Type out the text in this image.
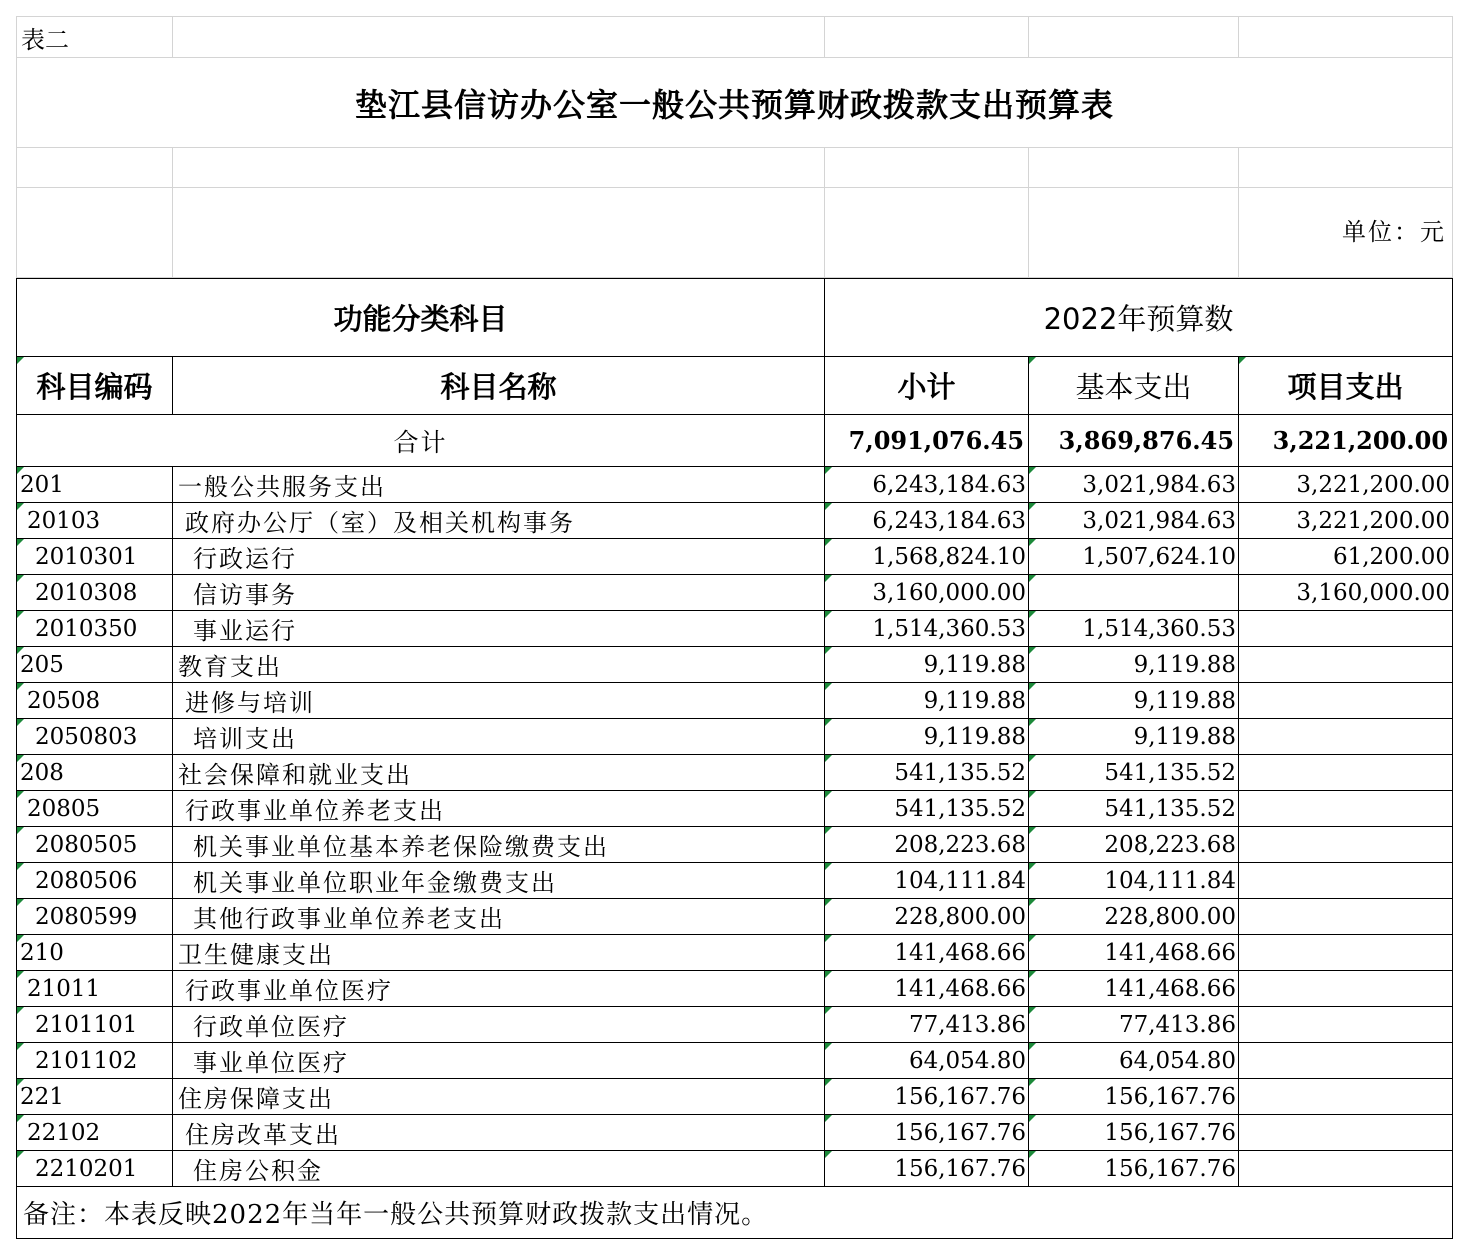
表二				
垫江县信访办公室一般公共预算财政拨款支出预算表				

				单位：元
功能分类科目		2022年预算数		
科目编码	科目名称	小计	基本支出	项目支出
合计		7,091,076.45	3,869,876.45	3,221,200.00
201	一般公共服务支出	6,243,184.63	3,021,984.63	3,221,200.00
20103	政府办公厅（室）及相关机构事务	6,243,184.63	3,021,984.63	3,221,200.00
2010301	行政运行	1,568,824.10	1,507,624.10	61,200.00
2010308	信访事务	3,160,000.00		3,160,000.00
2010350	事业运行	1,514,360.53	1,514,360.53	
205	教育支出	9,119.88	9,119.88	
20508	进修与培训	9,119.88	9,119.88	
2050803	培训支出	9,119.88	9,119.88	
208	社会保障和就业支出	541,135.52	541,135.52	
20805	行政事业单位养老支出	541,135.52	541,135.52	
2080505	机关事业单位基本养老保险缴费支出	208,223.68	208,223.68	
2080506	机关事业单位职业年金缴费支出	104,111.84	104,111.84	
2080599	其他行政事业单位养老支出	228,800.00	228,800.00	
210	卫生健康支出	141,468.66	141,468.66	
21011	行政事业单位医疗	141,468.66	141,468.66	
2101101	行政单位医疗	77,413.86	77,413.86	
2101102	事业单位医疗	64,054.80	64,054.80	
221	住房保障支出	156,167.76	156,167.76	
22102	住房改革支出	156,167.76	156,167.76	
2210201	住房公积金	156,167.76	156,167.76	
备注：本表反映2022年当年一般公共预算财政拨款支出情况。				
